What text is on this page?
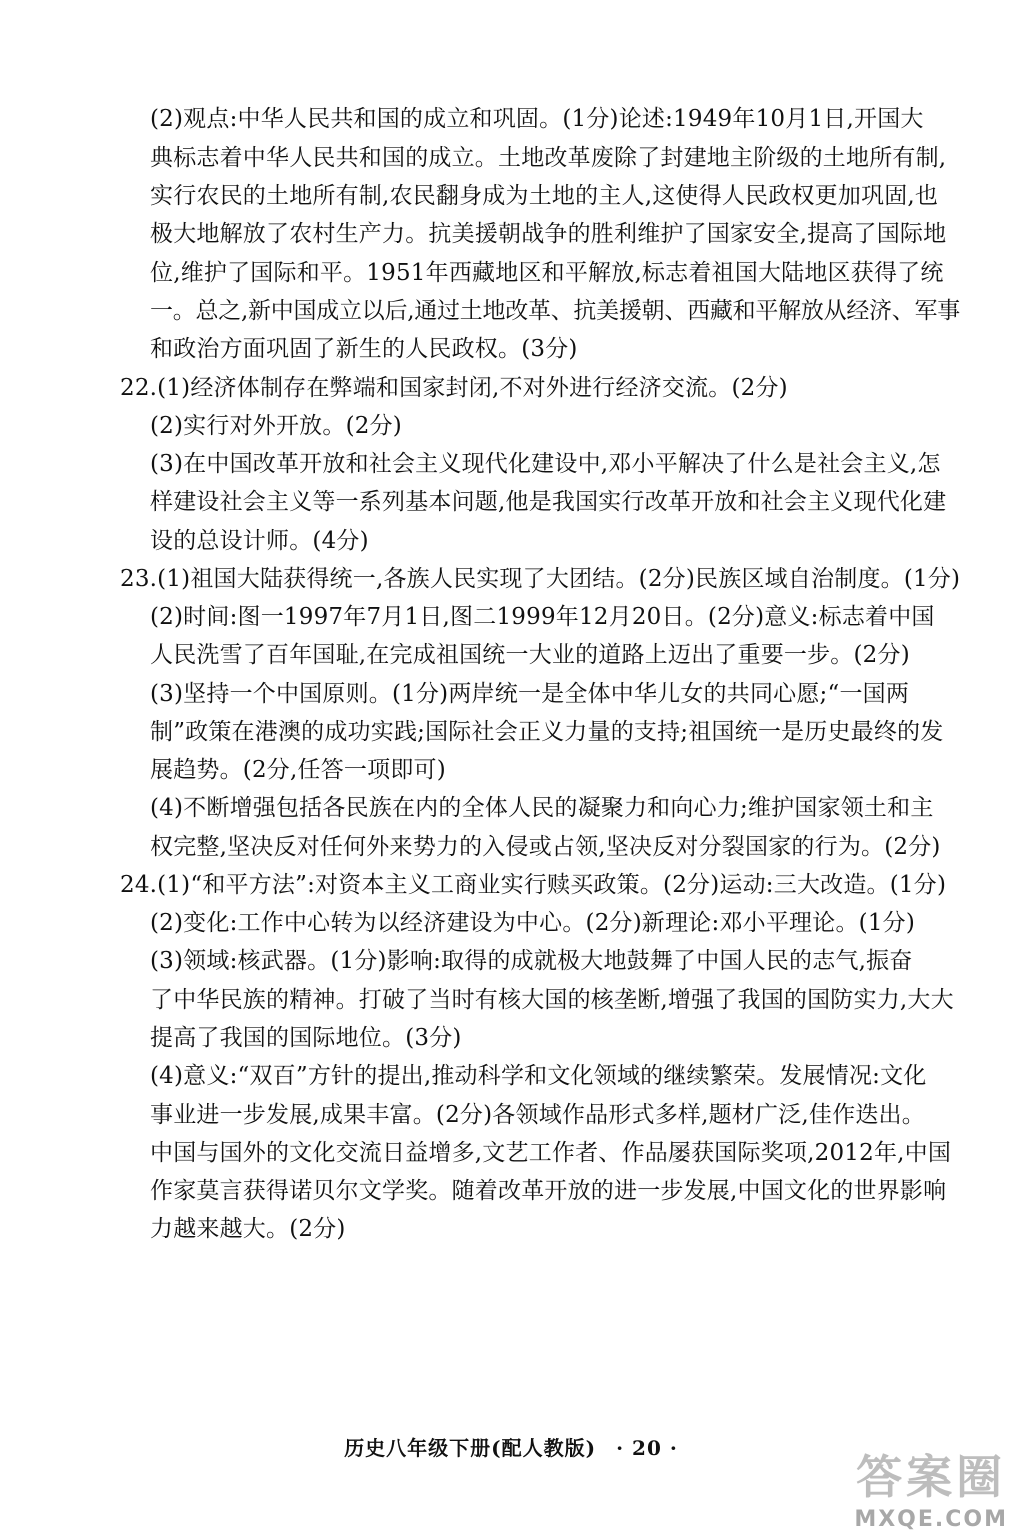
(2)观点:中华人民共和国的成立和巩固。(1分)论述:1949年10月1日,开国大
典标志着中华人民共和国的成立。土地改革废除了封建地主阶级的土地所有制,
实行农民的土地所有制,农民翻身成为土地的主人,这使得人民政权更加巩固,也
极大地解放了农村生产力。抗美援朝战争的胜利维护了国家安全,提高了国际地
位,维护了国际和平。1951年西藏地区和平解放,标志着祖国大陆地区获得了统
一。总之,新中国成立以后,通过土地改革、抗美援朝、西藏和平解放从经济、军事
和政治方面巩固了新生的人民政权。(3分)
22.(1)经济体制存在弊端和国家封闭,不对外进行经济交流。(2分)
(2)实行对外开放。(2分)
(3)在中国改革开放和社会主义现代化建设中,邓小平解决了什么是社会主义,怎
样建设社会主义等一系列基本问题,他是我国实行改革开放和社会主义现代化建
设的总设计师。(4分)
23.(1)祖国大陆获得统一,各族人民实现了大团结。(2分)民族区域自治制度。(1分)
(2)时间:图一1997年7月1日,图二1999年12月20日。(2分)意义:标志着中国
人民洗雪了百年国耻,在完成祖国统一大业的道路上迈出了重要一步。(2分)
(3)坚持一个中国原则。(1分)两岸统一是全体中华儿女的共同心愿;“一国两
制”政策在港澳的成功实践;国际社会正义力量的支持;祖国统一是历史最终的发
展趋势。(2分,任答一项即可)
(4)不断增强包括各民族在内的全体人民的凝聚力和向心力;维护国家领土和主
权完整,坚决反对任何外来势力的入侵或占领,坚决反对分裂国家的行为。(2分)
24.(1)“和平方法”:对资本主义工商业实行赎买政策。(2分)运动:三大改造。(1分)
(2)变化:工作中心转为以经济建设为中心。(2分)新理论:邓小平理论。(1分)
(3)领域:核武器。(1分)影响:取得的成就极大地鼓舞了中国人民的志气,振奋
了中华民族的精神。打破了当时有核大国的核垄断,增强了我国的国防实力,大大
提高了我国的国际地位。(3分)
(4)意义:“双百”方针的提出,推动科学和文化领域的继续繁荣。发展情况:文化
事业进一步发展,成果丰富。(2分)各领域作品形式多样,题材广泛,佳作迭出。
中国与国外的文化交流日益增多,文艺工作者、作品屡获国际奖项,2012年,中国
作家莫言获得诺贝尔文学奖。随着改革开放的进一步发展,中国文化的世界影响
力越来越大。(2分)
历史八年级下册(配人教版) · 20 ·
答案圈
MXQE.COM
